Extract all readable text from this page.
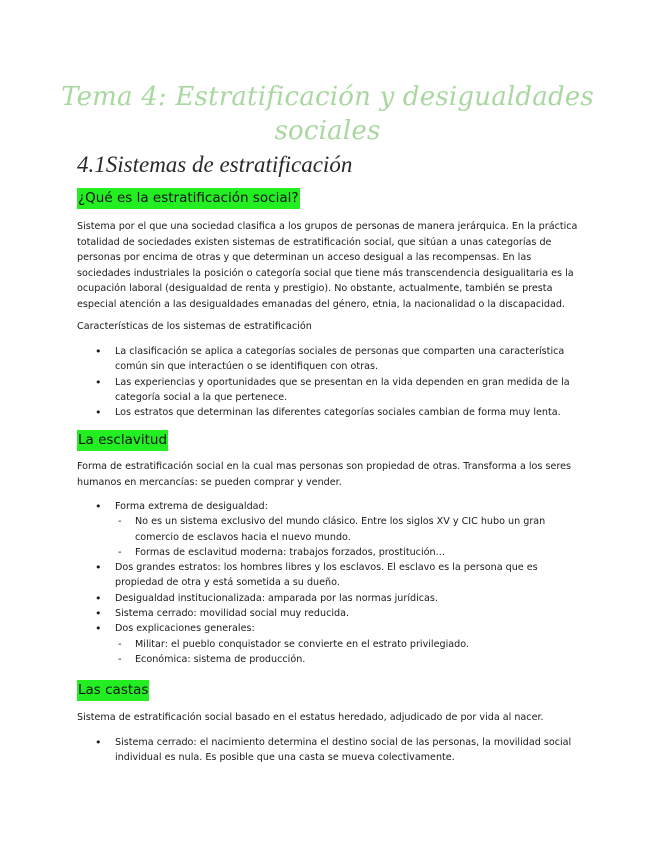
Tema 4: Estratificación y desigualdades
sociales
4.1Sistemas de estratificación
¿Qué es la estratificación social?
Sistema por el que una sociedad clasifica a los grupos de personas de manera jerárquica. En la práctica totalidad de sociedades existen sistemas de estratificación social, que sitúan a unas categorías de personas por encima de otras y que determinan un acceso desigual a las recompensas. En las sociedades industriales la posición o categoría social que tiene más transcendencia desigualitaria es la ocupación laboral (desigualdad de renta y prestigio). No obstante, actualmente, también se presta especial atención a las desigualdades emanadas del género, etnia, la nacionalidad o la discapacidad.
Características de los sistemas de estratificación
• La clasificación se aplica a categorías sociales de personas que comparten una característica común sin que interactúen o se identifiquen con otras.
• Las experiencias y oportunidades que se presentan en la vida dependen en gran medida de la categoría social a la que pertenece.
• Los estratos que determinan las diferentes categorías sociales cambian de forma muy lenta.
La esclavitud
Forma de estratificación social en la cual mas personas son propiedad de otras. Transforma a los seres humanos en mercancías: se pueden comprar y vender.
• Forma extrema de desigualdad:
- No es un sistema exclusivo del mundo clásico. Entre los siglos XV y CIC hubo un gran comercio de esclavos hacia el nuevo mundo.
- Formas de esclavitud moderna: trabajos forzados, prostitución…
• Dos grandes estratos: los hombres libres y los esclavos. El esclavo es la persona que es propiedad de otra y está sometida a su dueño.
• Desigualdad institucionalizada: amparada por las normas jurídicas.
• Sistema cerrado: movilidad social muy reducida.
• Dos explicaciones generales:
- Militar: el pueblo conquistador se convierte en el estrato privilegiado.
- Económica: sistema de producción.
Las castas
Sistema de estratificación social basado en el estatus heredado, adjudicado de por vida al nacer.
• Sistema cerrado: el nacimiento determina el destino social de las personas, la movilidad social individual es nula. Es posible que una casta se mueva colectivamente.
